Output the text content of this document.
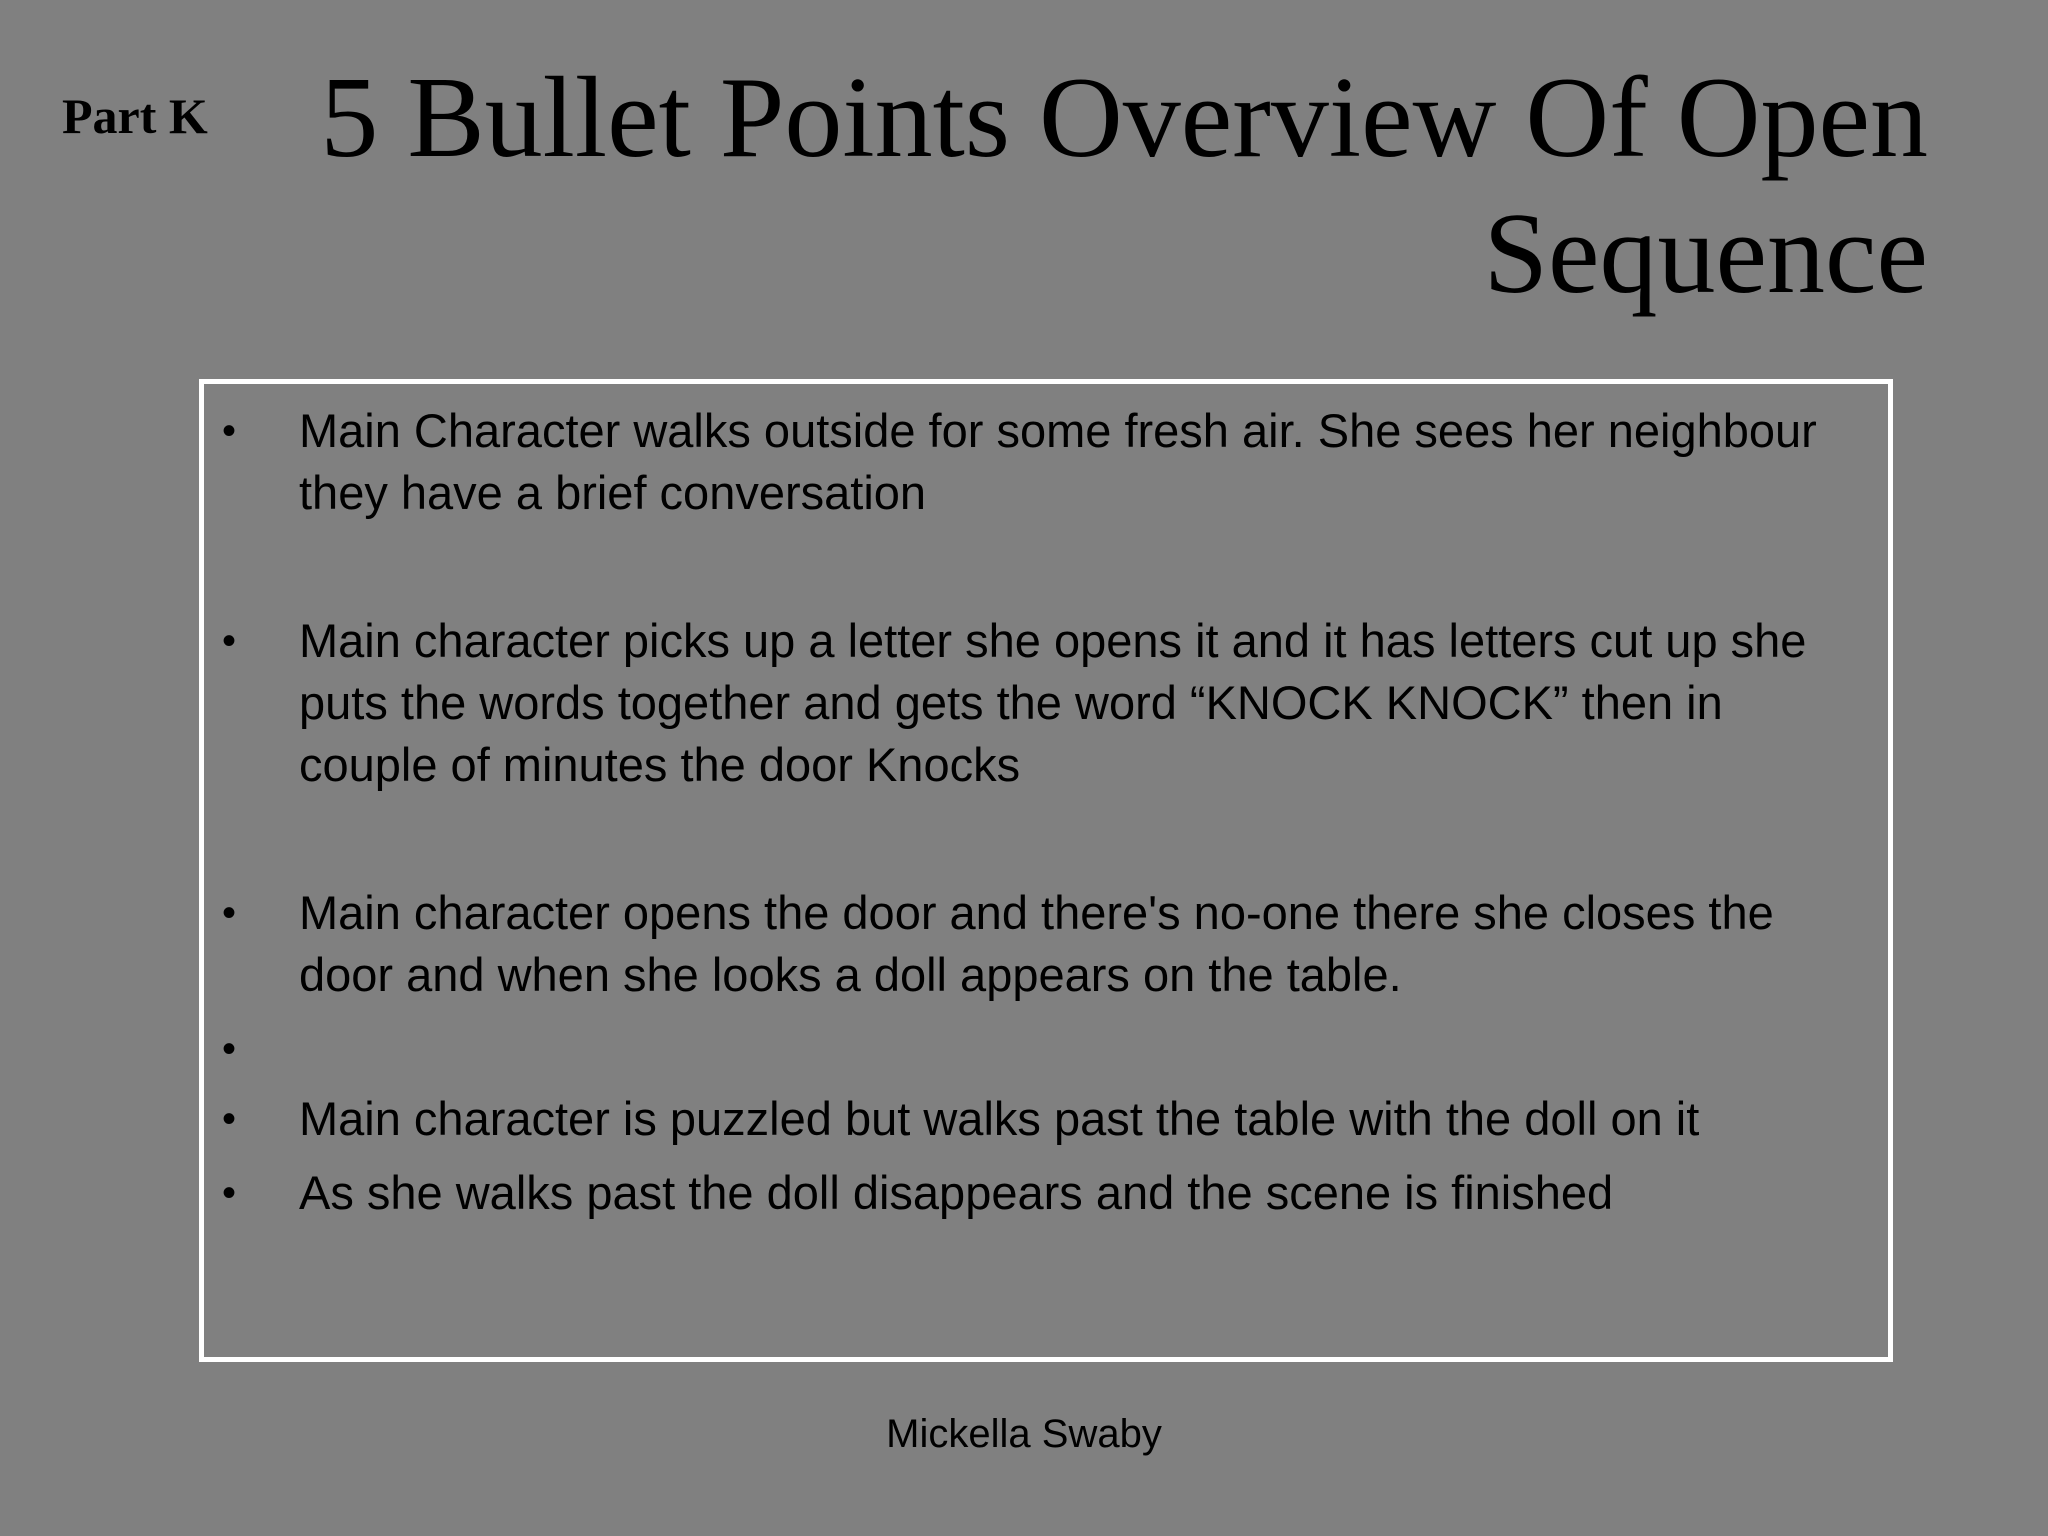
Part K 5 Bullet Points Overview Of Open Sequence
•	Main Character walks outside for some fresh air. She sees her neighbour they have a brief conversation
•	Main character picks up a letter she opens it and it has letters cut up she puts the words together and gets the word “KNOCK KNOCK” then in couple of minutes the door Knocks
•	Main character opens the door and there's no-one there she closes the door and when she looks a doll appears on the table.
•
•	Main character is puzzled but walks past the table with the doll on it
•	As she walks past the doll disappears and the scene is finished
Mickella Swaby
